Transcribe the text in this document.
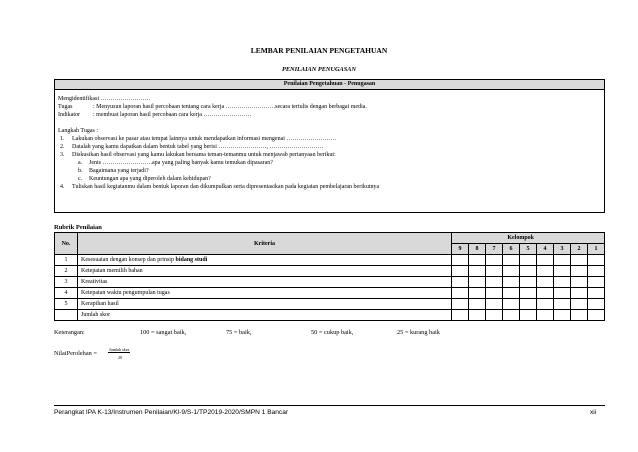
LEMBAR PENILAIAN PENGETAHUAN
PENILAIAN PENUGASAN
Penilaian Pengetahuan - Penugasan

Mengidentifikasi …………………….
Tugas	: Menyusun laporan hasil percobaan tentang cara kerja …………………….secara tertulis dengan berbagai media.
Indikator : membuat laporan hasil percobaan cara kerja ……………………
Langkah Tugas :
1. Lakukan observasi ke pasar atau tempat lainnya untuk mendapatkan informasi mengenai …………………….
2. Datalah yang kamu dapatkan dalam bentuk tabel yang berisi ……………………, ………………………
3. Diskusikan hasil observasi yang kamu lakukan bersama teman-temanmu untuk menjawab pertanyaan berikut:
a. Jenis …………………….apa yang paling banyak kamu temukan dipasaran?
b. Bagaimana yang terjadi?
c. Keuntungan apa yang diperoleh dalam kehidupan?
4. Tuliskan hasil kegiatanmu dalam bentuk laporan dan dikumpulkan serta dipresentasikan pada kegiatan pembelajaran berikutnya
Rubrik Penilaian
No.	Kriteria	Kelompok								
		9	8	7	6	5	4	3	2	1
1	Kesesuaian dengan konsep dan prinsip bidang studi									
2	Ketepatan memilih bahan									
3	Kreativitas									
4	Ketepatan waktu pengumpulan tugas									
5	Kerapihan hasil									
	Jumlah skor									
Keterangan:	100 = sangat baik,	75 = baik,	50 = cukup baik,	25 = kurang baik
NilaiPerolehan =
Jumlah skor
20
Perangkat IPA K-13/Instrumen Penilaian/Kl-9/S-1/TP2019-2020/SMPN 1 Bancar	xii
